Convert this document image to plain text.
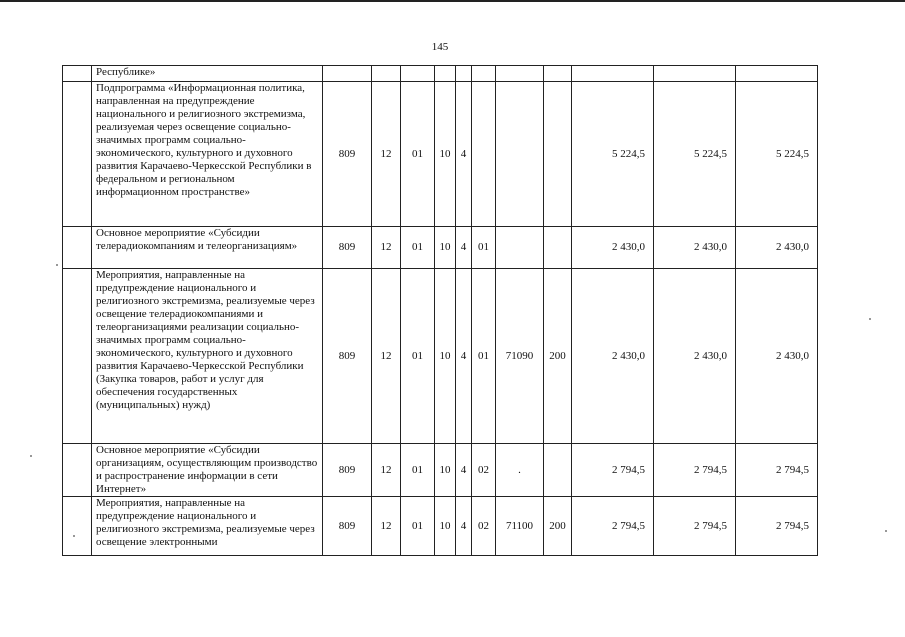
145
	Республике»											
	Подпрограмма «Информационная политика, направленная на предупреждение национального и религиозного экстремизма, реализуемая через освещение социально-значимых программ социально-экономического, культурного и духовного развития Карачаево-Черкесской Республики в федеральном и региональном информационном пространстве»	809	12	01	10	4				5 224,5	5 224,5	5 224,5
	Основное мероприятие «Субсидии телерадиокомпаниям и телеорганизациям»	809	12	01	10	4	01			2 430,0	2 430,0	2 430,0
	Мероприятия, направленные на предупреждение национального и религиозного экстремизма, реализуемые через освещение телерадиокомпаниями и телеорганизациями реализации социально-значимых программ социально-экономического, культурного и духовного развития Карачаево-Черкесской Республики (Закупка товаров, работ и услуг для обеспечения государственных (муниципальных) нужд)	809	12	01	10	4	01	71090	200	2 430,0	2 430,0	2 430,0
	Основное мероприятие «Субсидии организациям, осуществляющим производство и распространение информации в сети Интернет»	809	12	01	10	4	02	.		2 794,5	2 794,5	2 794,5
	Мероприятия, направленные на предупреждение национального и религиозного экстремизма, реализуемые через освещение электронными	809	12	01	10	4	02	71100	200	2 794,5	2 794,5	2 794,5
